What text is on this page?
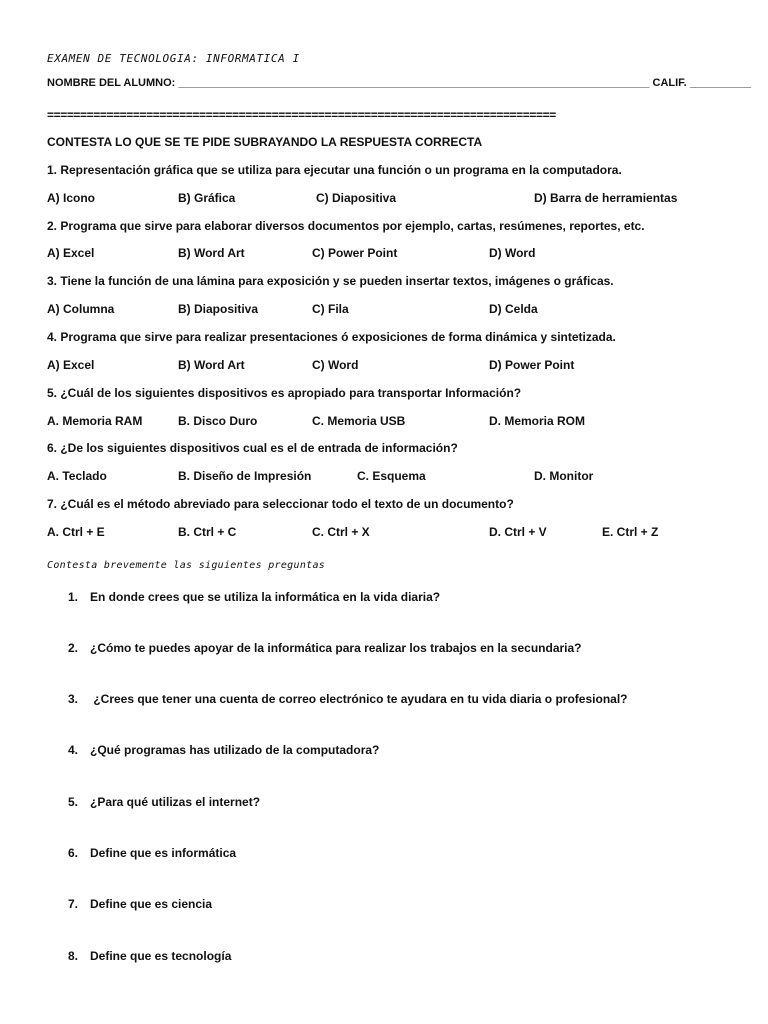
EXAMEN DE TECNOLOGIA: INFORMATICA I
NOMBRE DEL ALUMNO: _____________________________________________________________________________ CALIF. __________
=============================================================================
CONTESTA LO QUE SE TE PIDE SUBRAYANDO LA RESPUESTA CORRECTA
1. Representación gráfica que se utiliza para ejecutar una función o un programa en la computadora.
A) Icono	B) Gráfica	C) Diapositiva	D) Barra de herramientas
2. Programa que sirve para elaborar diversos documentos por ejemplo, cartas, resúmenes, reportes, etc.
A) Excel	B) Word Art	C) Power Point	D) Word
3. Tiene la función de una lámina para exposición y se pueden insertar textos, imágenes o gráficas.
A) Columna	B) Diapositiva	C) Fila	D) Celda
4. Programa que sirve para realizar presentaciones ó exposiciones de forma dinámica y sintetizada.
A) Excel	B) Word Art	C) Word	D) Power Point
5. ¿Cuál de los siguientes dispositivos es apropiado para transportar Información?
A. Memoria RAM	B. Disco Duro	C. Memoria USB	D. Memoria ROM
6. ¿De los siguientes dispositivos cual es el de entrada de información?
A. Teclado	B. Diseño de Impresión	C. Esquema	D. Monitor
7. ¿Cuál es el método abreviado para seleccionar todo el texto de un documento?
A. Ctrl + E	B. Ctrl + C	C. Ctrl + X	D. Ctrl + V	E. Ctrl + Z
Contesta brevemente las siguientes preguntas
1. En donde crees que se utiliza la informática en la vida diaria?
2. ¿Cómo te puedes apoyar de la informática para realizar los trabajos en la secundaria?
3. ¿Crees que tener una cuenta de correo electrónico te ayudara en tu vida diaria o profesional?
4. ¿Qué programas has utilizado de la computadora?
5. ¿Para qué utilizas el internet?
6. Define que es informática
7. Define que es ciencia
8. Define que es tecnología
